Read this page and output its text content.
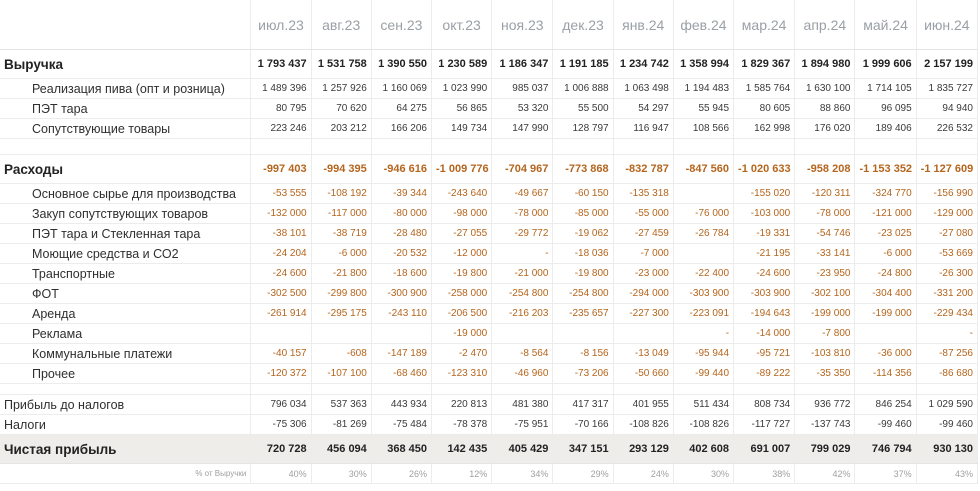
	июл.23	авг.23	сен.23	окт.23	ноя.23	дек.23	янв.24	фев.24	мар.24	апр.24	май.24	июн.24
Выручка	1 793 437	1 531 758	1 390 550	1 230 589	1 186 347	1 191 185	1 234 742	1 358 994	1 829 367	1 894 980	1 999 606	2 157 199
Реализация пива (опт и розница)	1 489 396	1 257 926	1 160 069	1 023 990	985 037	1 006 888	1 063 498	1 194 483	1 585 764	1 630 100	1 714 105	1 835 727
ПЭТ тара	80 795	70 620	64 275	56 865	53 320	55 500	54 297	55 945	80 605	88 860	96 095	94 940
Сопутствующие товары	223 246	203 212	166 206	149 734	147 990	128 797	116 947	108 566	162 998	176 020	189 406	226 532

Расходы	-997 403	-994 395	-946 616	-1 009 776	-704 967	-773 868	-832 787	-847 560	-1 020 633	-958 208	-1 153 352	-1 127 609
Основное сырье для производства	-53 555	-108 192	-39 344	-243 640	-49 667	-60 150	-135 318		-155 020	-120 311	-324 770	-156 990
Закуп сопутствующих товаров	-132 000	-117 000	-80 000	-98 000	-78 000	-85 000	-55 000	-76 000	-103 000	-78 000	-121 000	-129 000
ПЭТ тара и Стекленная тара	-38 101	-38 719	-28 480	-27 055	-29 772	-19 062	-27 459	-26 784	-19 331	-54 746	-23 025	-27 080
Моющие средства и СО2	-24 204	-6 000	-20 532	-12 000	-	-18 036	-7 000		-21 195	-33 141	-6 000	-53 669
Транспортные	-24 600	-21 800	-18 600	-19 800	-21 000	-19 800	-23 000	-22 400	-24 600	-23 950	-24 800	-26 300
ФОТ	-302 500	-299 800	-300 900	-258 000	-254 800	-254 800	-294 000	-303 900	-303 900	-302 100	-304 400	-331 200
Аренда	-261 914	-295 175	-243 110	-206 500	-216 203	-235 657	-227 300	-223 091	-194 643	-199 000	-199 000	-229 434
Реклама				-19 000				-	-14 000	-7 800		-
Коммунальные платежи	-40 157	-608	-147 189	-2 470	-8 564	-8 156	-13 049	-95 944	-95 721	-103 810	-36 000	-87 256
Прочее	-120 372	-107 100	-68 460	-123 310	-46 960	-73 206	-50 660	-99 440	-89 222	-35 350	-114 356	-86 680

Прибыль до налогов	796 034	537 363	443 934	220 813	481 380	417 317	401 955	511 434	808 734	936 772	846 254	1 029 590
Налоги	-75 306	-81 269	-75 484	-78 378	-75 951	-70 166	-108 826	-108 826	-117 727	-137 743	-99 460	-99 460
Чистая прибыль	720 728	456 094	368 450	142 435	405 429	347 151	293 129	402 608	691 007	799 029	746 794	930 130
% от Выручки	40%	30%	26%	12%	34%	29%	24%	30%	38%	42%	37%	43%
